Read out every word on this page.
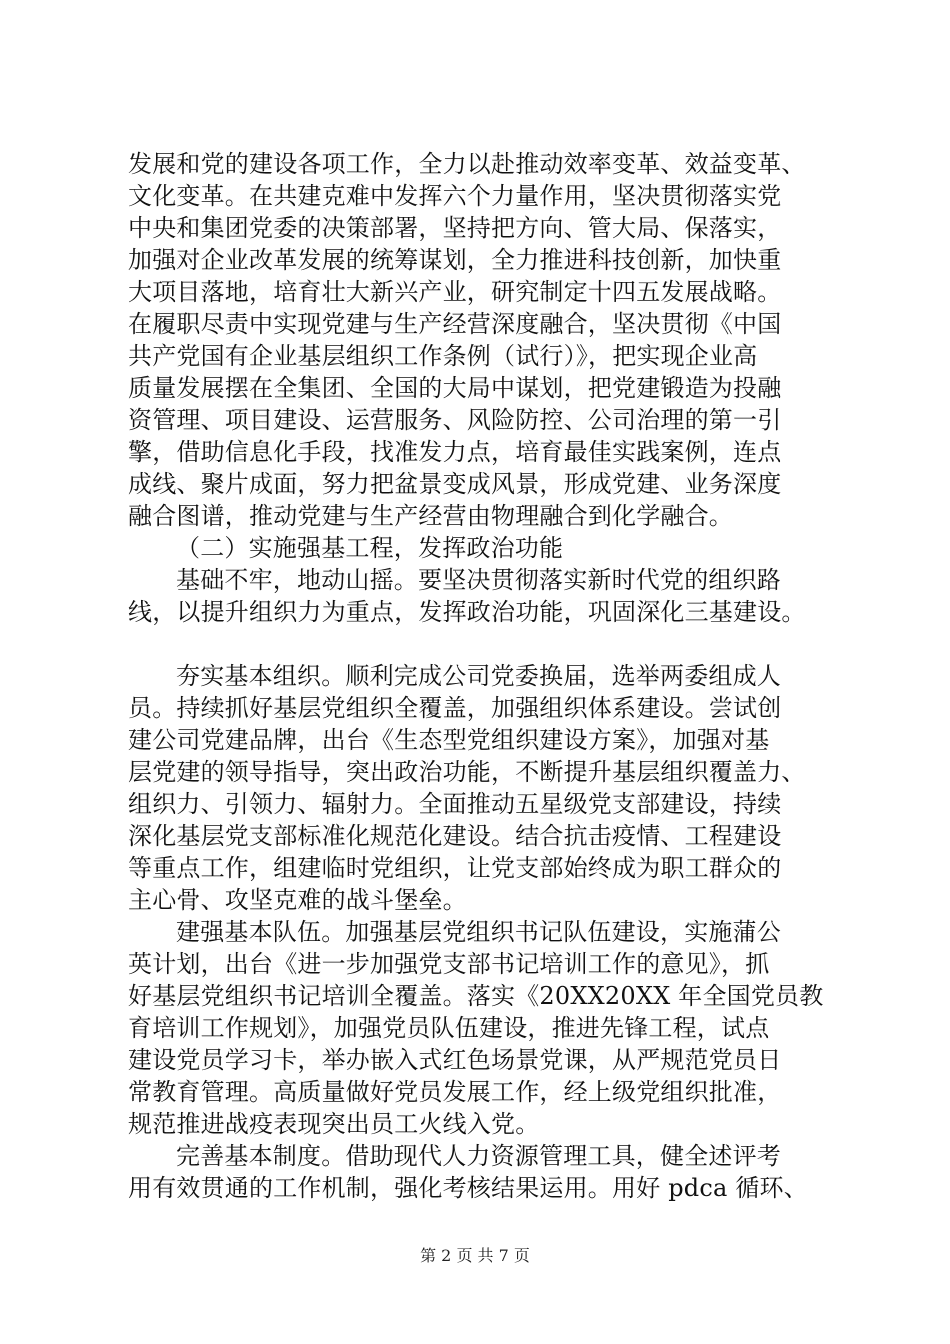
发展和党的建设各项工作，全力以赴推动效率变革、效益变革、
文化变革。在共建克难中发挥六个力量作用，坚决贯彻落实党
中央和集团党委的决策部署，坚持把方向、管大局、保落实，
加强对企业改革发展的统筹谋划，全力推进科技创新，加快重
大项目落地，培育壮大新兴产业，研究制定十四五发展战略。
在履职尽责中实现党建与生产经营深度融合，坚决贯彻《中国
共产党国有企业基层组织工作条例（试行）》，把实现企业高
质量发展摆在全集团、全国的大局中谋划，把党建锻造为投融
资管理、项目建设、运营服务、风险防控、公司治理的第一引
擎，借助信息化手段，找准发力点，培育最佳实践案例，连点
成线、聚片成面，努力把盆景变成风景，形成党建、业务深度
融合图谱，推动党建与生产经营由物理融合到化学融合。
（二）实施强基工程，发挥政治功能
基础不牢，地动山摇。要坚决贯彻落实新时代党的组织路
线，以提升组织力为重点，发挥政治功能，巩固深化三基建设。
夯实基本组织。顺利完成公司党委换届，选举两委组成人
员。持续抓好基层党组织全覆盖，加强组织体系建设。尝试创
建公司党建品牌，出台《生态型党组织建设方案》，加强对基
层党建的领导指导，突出政治功能，不断提升基层组织覆盖力、
组织力、引领力、辐射力。全面推动五星级党支部建设，持续
深化基层党支部标准化规范化建设。结合抗击疫情、工程建设
等重点工作，组建临时党组织，让党支部始终成为职工群众的
主心骨、攻坚克难的战斗堡垒。
建强基本队伍。加强基层党组织书记队伍建设，实施蒲公
英计划，出台《进一步加强党支部书记培训工作的意见》，抓
好基层党组织书记培训全覆盖。落实《20XX20XX 年全国党员教
育培训工作规划》，加强党员队伍建设，推进先锋工程，试点
建设党员学习卡，举办嵌入式红色场景党课，从严规范党员日
常教育管理。高质量做好党员发展工作，经上级党组织批准，
规范推进战疫表现突出员工火线入党。
完善基本制度。借助现代人力资源管理工具，健全述评考
用有效贯通的工作机制，强化考核结果运用。用好 pdca 循环、
第 2 页 共 7 页
